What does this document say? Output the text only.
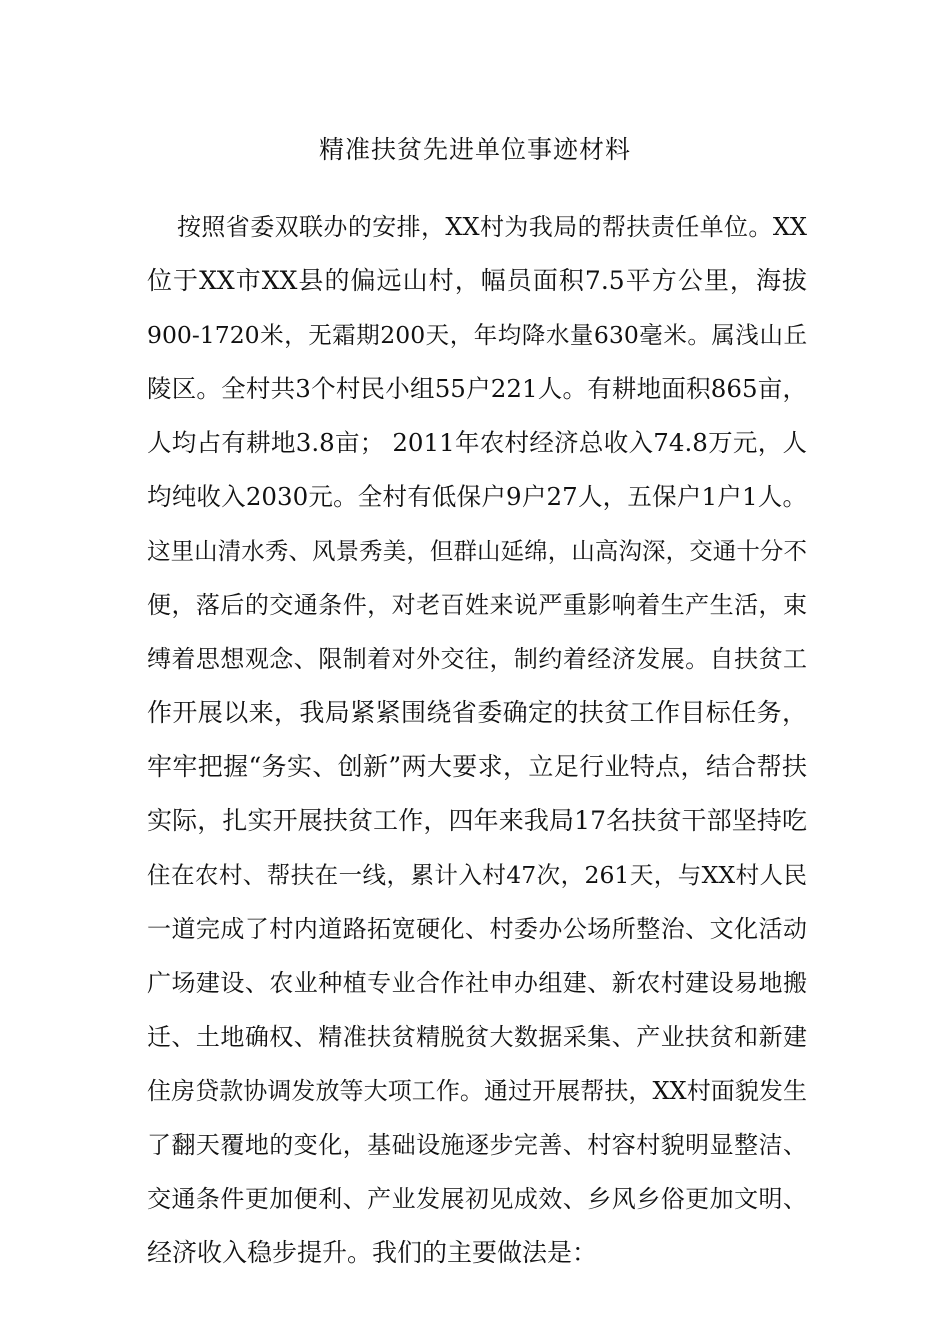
精准扶贫先进单位事迹材料
按照省委双联办的安排，XX村为我局的帮扶责任单位。XX
位于XX市XX县的偏远山村，幅员面积7.5平方公里，海拔
900-1720米，无霜期200天，年均降水量630毫米。属浅山丘
陵区。全村共3个村民小组55户221人。有耕地面积865亩，
人均占有耕地3.8亩； 2011年农村经济总收入74.8万元，人
均纯收入2030元。全村有低保户9户27人，五保户1户1人。
这里山清水秀、风景秀美，但群山延绵，山高沟深，交通十分不
便，落后的交通条件，对老百姓来说严重影响着生产生活，束
缚着思想观念、限制着对外交往，制约着经济发展。自扶贫工
作开展以来，我局紧紧围绕省委确定的扶贫工作目标任务，
牢牢把握“务实、创新”两大要求，立足行业特点，结合帮扶
实际，扎实开展扶贫工作，四年来我局17名扶贫干部坚持吃
住在农村、帮扶在一线，累计入村47次，261天，与XX村人民
一道完成了村内道路拓宽硬化、村委办公场所整治、文化活动
广场建设、农业种植专业合作社申办组建、新农村建设易地搬
迁、土地确权、精准扶贫精脱贫大数据采集、产业扶贫和新建
住房贷款协调发放等大项工作。通过开展帮扶，XX村面貌发生
了翻天覆地的变化，基础设施逐步完善、村容村貌明显整洁、
交通条件更加便利、产业发展初见成效、乡风乡俗更加文明、
经济收入稳步提升。我们的主要做法是：
